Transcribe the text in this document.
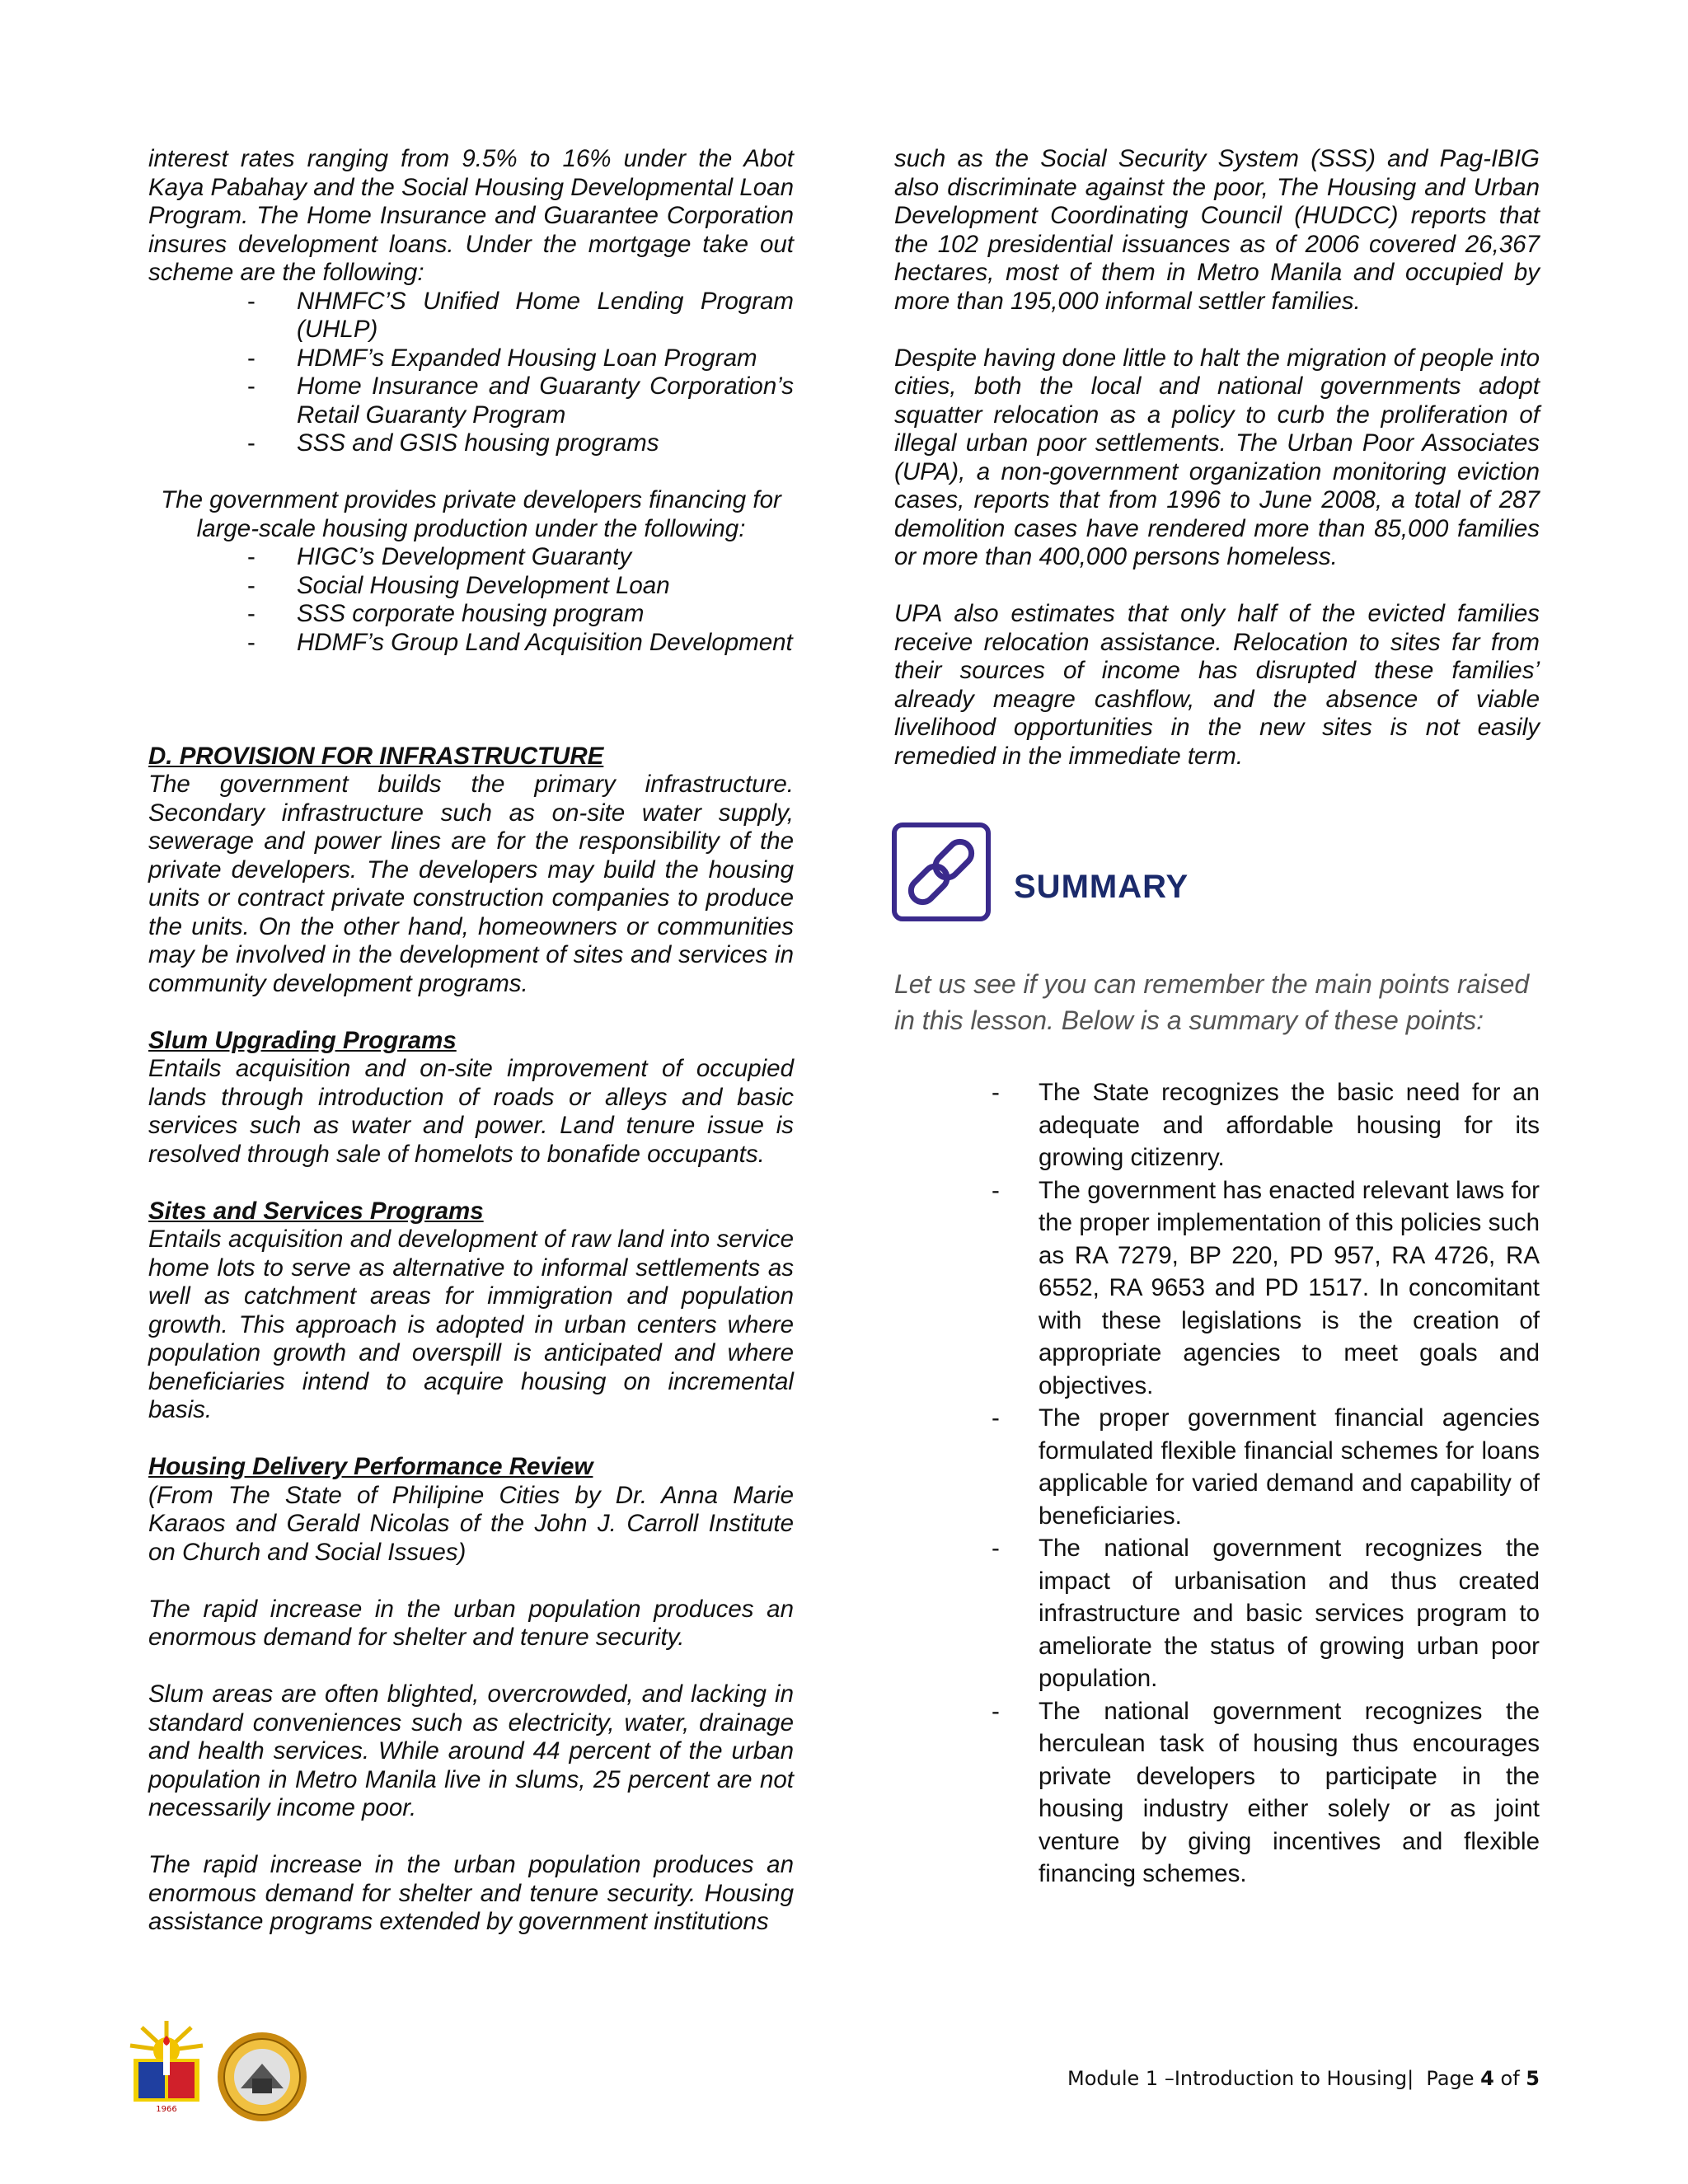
interest rates ranging from 9.5% to 16% under the Abot Kaya Pabahay and the Social Housing Developmental Loan Program. The Home Insurance and Guarantee Corporation insures development loans. Under the mortgage take out scheme are the following:

- NHMFC’S Unified Home Lending Program (UHLP)
- HDMF’s Expanded Housing Loan Program
- Home Insurance and Guaranty Corporation’s Retail Guaranty Program
- SSS and GSIS housing programs

The government provides private developers financing for large-scale housing production under the following:

- HIGC’s Development Guaranty
- Social Housing Development Loan
- SSS corporate housing program
- HDMF’s Group Land Acquisition Development

D. PROVISION FOR INFRASTRUCTURE

The government builds the primary infrastructure. Secondary infrastructure such as on-site water supply, sewerage and power lines are for the responsibility of the private developers. The developers may build the housing units or contract private construction companies to produce the units. On the other hand, homeowners or communities may be involved in the development of sites and services in community development programs.

Slum Upgrading Programs

Entails acquisition and on-site improvement of occupied lands through introduction of roads or alleys and basic services such as water and power. Land tenure issue is resolved through sale of homelots to bonafide occupants.

Sites and Services Programs

Entails acquisition and development of raw land into service home lots to serve as alternative to informal settlements as well as catchment areas for immigration and population growth. This approach is adopted in urban centers where population growth and overspill is anticipated and where beneficiaries intend to acquire housing on incremental basis.

Housing Delivery Performance Review

(From The State of Philipine Cities by Dr. Anna Marie Karaos and Gerald Nicolas of the John J. Carroll Institute on Church and Social Issues)

The rapid increase in the urban population produces an enormous demand for shelter and tenure security.

Slum areas are often blighted, overcrowded, and lacking in standard conveniences such as electricity, water, drainage and health services. While around 44 percent of the urban population in Metro Manila live in slums, 25 percent are not necessarily income poor.

The rapid increase in the urban population produces an enormous demand for shelter and tenure security. Housing assistance programs extended by government institutions

such as the Social Security System (SSS) and Pag-IBIG also discriminate against the poor, The Housing and Urban Development Coordinating Council (HUDCC) reports that the 102 presidential issuances as of 2006 covered 26,367 hectares, most of them in Metro Manila and occupied by more than 195,000 informal settler families.

Despite having done little to halt the migration of people into cities, both the local and national governments adopt squatter relocation as a policy to curb the proliferation of illegal urban poor settlements. The Urban Poor Associates (UPA), a non-government organization monitoring eviction cases, reports that from 1996 to June 2008, a total of 287 demolition cases have rendered more than 85,000 families or more than 400,000 persons homeless.

UPA also estimates that only half of the evicted families receive relocation assistance. Relocation to sites far from their sources of income has disrupted these families’ already meagre cashflow, and the absence of viable livelihood opportunities in the new sites is not easily remedied in the immediate term.

SUMMARY

Let us see if you can remember the main points raised in this lesson. Below is a summary of these points:

- The State recognizes the basic need for an adequate and affordable housing for its growing citizenry.
- The government has enacted relevant laws for the proper implementation of this policies such as RA 7279, BP 220, PD 957, RA 4726, RA 6552, RA 9653 and PD 1517. In concomitant with these legislations is the creation of appropriate agencies to meet goals and objectives.
- The proper government financial agencies formulated flexible financial schemes for loans applicable for varied demand and capability of beneficiaries.
- The national government recognizes the impact of urbanisation and thus created infrastructure and basic services program to ameliorate the status of growing urban poor population.
- The national government recognizes the herculean task of housing thus encourages private developers to participate in the housing industry either solely or as joint venture by giving incentives and flexible financing schemes.
1966
Module 1 –Introduction to Housing| Page 4 of 5
